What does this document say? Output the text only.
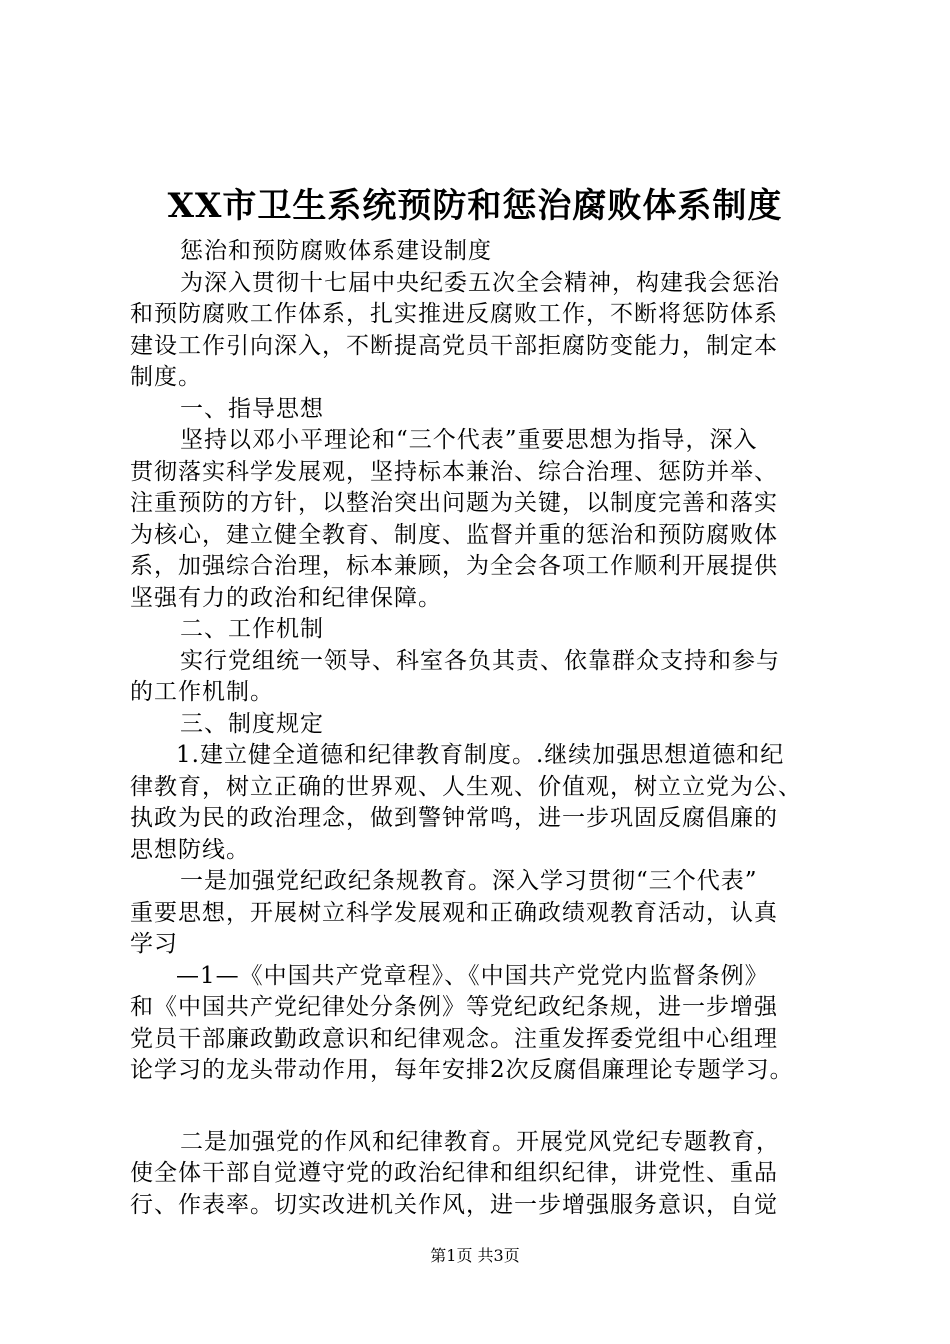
XX市卫生系统预防和惩治腐败体系制度
惩治和预防腐败体系建设制度
为深入贯彻十七届中央纪委五次全会精神，构建我会惩治
和预防腐败工作体系，扎实推进反腐败工作，不断将惩防体系
建设工作引向深入，不断提高党员干部拒腐防变能力，制定本
制度。
一、指导思想
坚持以邓小平理论和“三个代表”重要思想为指导，深入
贯彻落实科学发展观，坚持标本兼治、综合治理、惩防并举、
注重预防的方针，以整治突出问题为关键，以制度完善和落实
为核心，建立健全教育、制度、监督并重的惩治和预防腐败体
系，加强综合治理，标本兼顾，为全会各项工作顺利开展提供
坚强有力的政治和纪律保障。
二、工作机制
实行党组统一领导、科室各负其责、依靠群众支持和参与
的工作机制。
三、制度规定
1.建立健全道德和纪律教育制度。.继续加强思想道德和纪
律教育，树立正确的世界观、人生观、价值观，树立立党为公、
执政为民的政治理念，做到警钟常鸣，进一步巩固反腐倡廉的
思想防线。
一是加强党纪政纪条规教育。深入学习贯彻“三个代表”
重要思想，开展树立科学发展观和正确政绩观教育活动，认真
学习
—1—《中国共产党章程》、《中国共产党党内监督条例》
和《中国共产党纪律处分条例》等党纪政纪条规，进一步增强
党员干部廉政勤政意识和纪律观念。注重发挥委党组中心组理
论学习的龙头带动作用，每年安排2次反腐倡廉理论专题学习。
二是加强党的作风和纪律教育。开展党风党纪专题教育，
使全体干部自觉遵守党的政治纪律和组织纪律，讲党性、重品
行、作表率。切实改进机关作风，进一步增强服务意识，自觉
第1页 共3页
